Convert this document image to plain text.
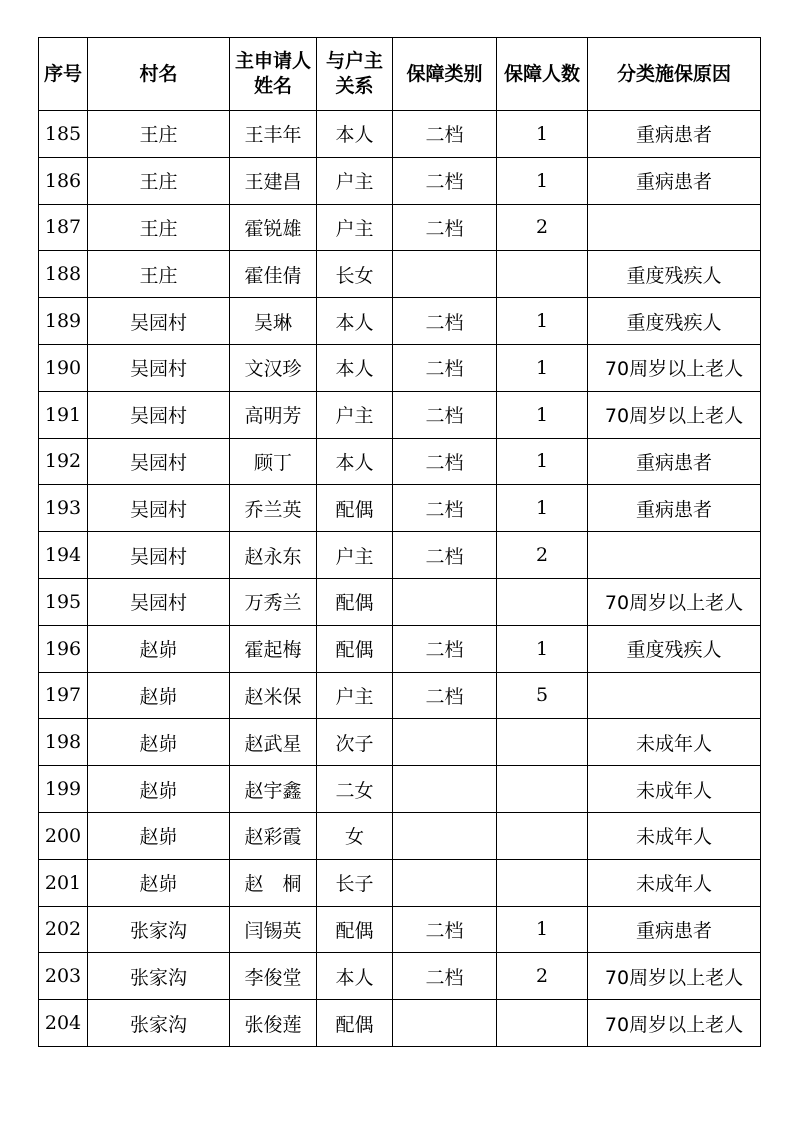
序号	村名	主申请人姓名	与户主关系	保障类别	保障人数	分类施保原因
185	王庄	王丰年	本人	二档	1	重病患者
186	王庄	王建昌	户主	二档	1	重病患者
187	王庄	霍锐雄	户主	二档	2	
188	王庄	霍佳倩	长女			重度残疾人
189	吴园村	吴琳	本人	二档	1	重度残疾人
190	吴园村	文汉珍	本人	二档	1	70周岁以上老人
191	吴园村	高明芳	户主	二档	1	70周岁以上老人
192	吴园村	顾丁	本人	二档	1	重病患者
193	吴园村	乔兰英	配偶	二档	1	重病患者
194	吴园村	赵永东	户主	二档	2	
195	吴园村	万秀兰	配偶			70周岁以上老人
196	赵峁	霍起梅	配偶	二档	1	重度残疾人
197	赵峁	赵米保	户主	二档	5	
198	赵峁	赵武星	次子			未成年人
199	赵峁	赵宇鑫	二女			未成年人
200	赵峁	赵彩霞	女			未成年人
201	赵峁	赵　桐	长子			未成年人
202	张家沟	闫锡英	配偶	二档	1	重病患者
203	张家沟	李俊堂	本人	二档	2	70周岁以上老人
204	张家沟	张俊莲	配偶			70周岁以上老人
